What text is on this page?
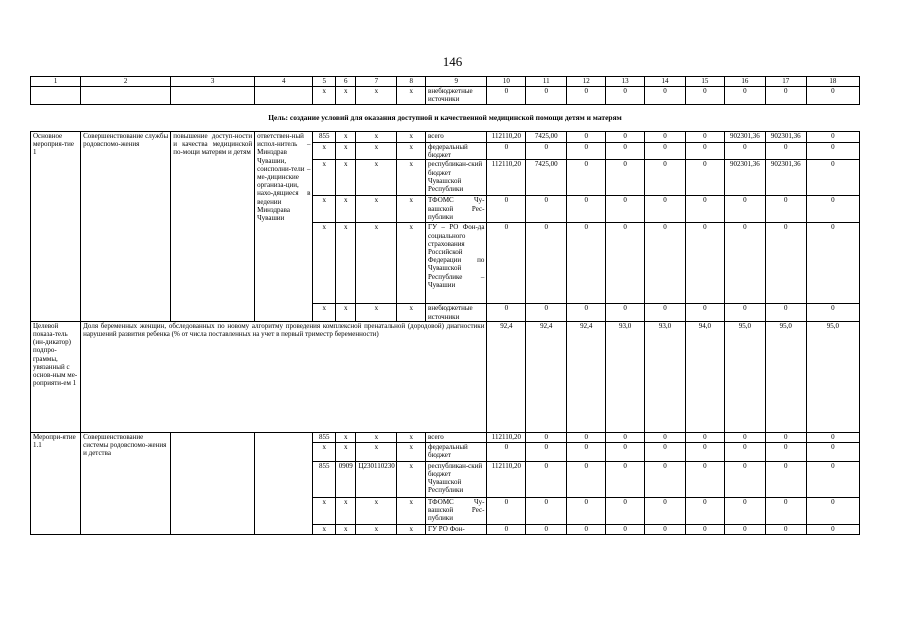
146
1	2	3	4	5	6	7	8	9	10	11	12	13	14	15	16	17	18
				х	х	х	х	внебюджетные источники	0	0	0	0	0	0	0	0	0
Цель: создание условий для оказания доступной и качественной медицинской помощи детям и матерям																	
Основное мероприя-тие 1	Совершенствование службы родовспомо-жения	повышение доступ-ности и качества медицинской по-мощи матерям и детям	ответствен-ный испол-нитель – Минздрав Чувашии, соисполни-тели – ме-дицинские организа-ции, нахо-дящиеся в ведении Минздрава Чувашии	855	х	х	х	всего	112110,20	7425,00	0	0	0	0	902301,36	902301,36	0
				х	х	х	х	федеральный бюджет	0	0	0	0	0	0	0	0	0
				х	х	х	х	республикан-ский бюджет Чувашской Республики	112110,20	7425,00	0	0	0	0	902301,36	902301,36	0
				х	х	х	х	ТФОМС Чу-вашской Рес-публики	0	0	0	0	0	0	0	0	0
				х	х	х	х	ГУ – РО Фон-да социального страхования Российской Федерации по Чувашской Республике – Чувашии	0	0	0	0	0	0	0	0	0
				х	х	х	х	внебюджетные источники	0	0	0	0	0	0	0	0	0
Целевой показа-тель (ин-дикатор) подпро-граммы, увязанный с основ-ным ме-роприяти-ем 1	Доля беременных женщин, обследованных по новому алгоритму проведения комплексной пренатальной (дородовой) диагностики нарушений развития ребенка (% от числа поставленных на учет в первый триместр беременности)								92,4	92,4	92,4	93,0	93,0	94,0	95,0	95,0	95,0
Меропри-ятие 1.1	Совершенствование системы родовспомо-жения и детства			855	х	х	х	всего	112110,20	0	0	0	0	0	0	0	0
				х	х	х	х	федеральный бюджет	0	0	0	0	0	0	0	0	0
				855	0909	Ц230110230	х	республикан-ский бюджет Чувашской Республики	112110,20	0	0	0	0	0	0	0	0
				х	х	х	х	ТФОМС Чу-вашской Рес-публики	0	0	0	0	0	0	0	0	0
				х	х	х	х	ГУ РО Фон-	0	0	0	0	0	0	0	0	0
